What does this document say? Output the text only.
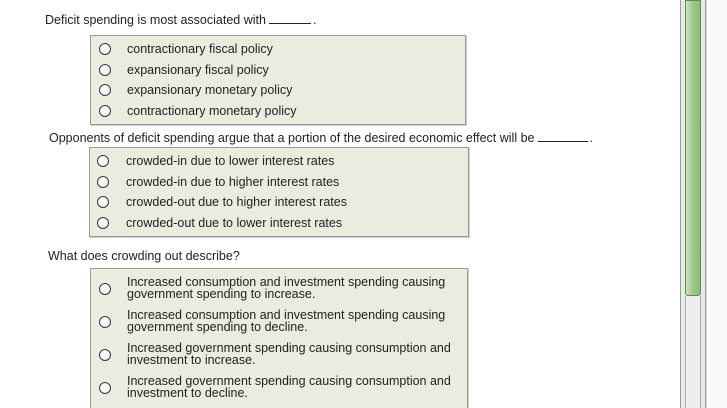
Deficit spending is most associated with	.
contractionary fiscal policy
expansionary fiscal policy
expansionary monetary policy
contractionary monetary policy
Opponents of deficit spending argue that a portion of the desired economic effect will be	.
crowded-in due to lower interest rates
crowded-in due to higher interest rates
crowded-out due to higher interest rates
crowded-out due to lower interest rates
What does crowding out describe?
Increased consumption and investment spending causing government spending to increase.
Increased consumption and investment spending causing government spending to decline.
Increased government spending causing consumption and investment to increase.
Increased government spending causing consumption and investment to decline.
